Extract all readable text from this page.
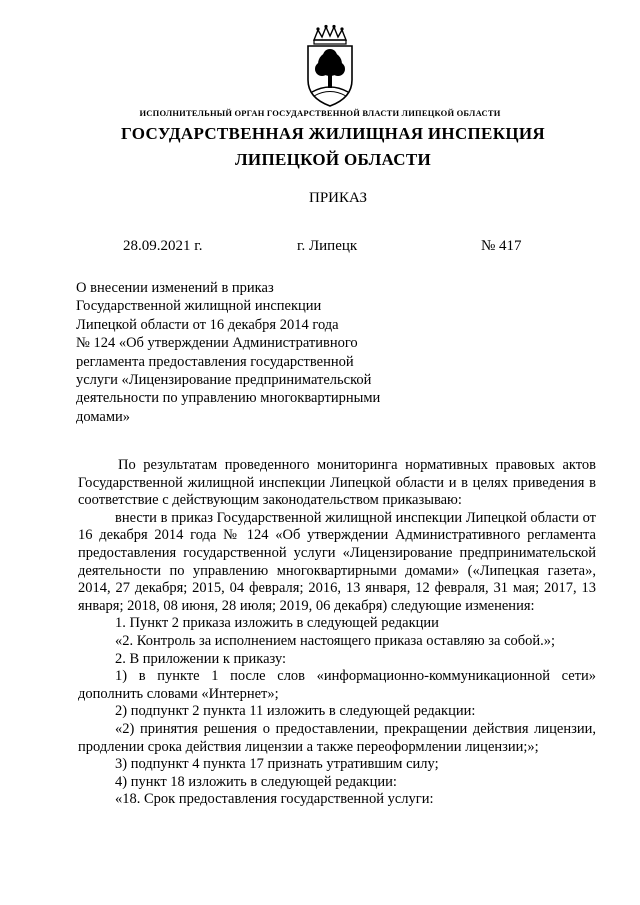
ИСПОЛНИТЕЛЬНЫЙ ОРГАН ГОСУДАРСТВЕННОЙ ВЛАСТИ ЛИПЕЦКОЙ ОБЛАСТИ
ГОСУДАРСТВЕННАЯ ЖИЛИЩНАЯ ИНСПЕКЦИЯ
ЛИПЕЦКОЙ ОБЛАСТИ
ПРИКАЗ
28.09.2021 г.	г. Липецк	№ 417
О внесении изменений в приказ
Государственной жилищной инспекции
Липецкой области от 16 декабря 2014 года
№ 124 «Об утверждении Административного
регламента предоставления государственной
услуги «Лицензирование предпринимательской
деятельности по управлению многоквартирными
домами»

По результатам проведенного мониторинга нормативных правовых актов Государственной жилищной инспекции Липецкой области и в целях приведения в соответствие с действующим законодательством приказываю:

внести в приказ Государственной жилищной инспекции Липецкой области от 16 декабря 2014 года № 124 «Об утверждении Административного регламента предоставления государственной услуги «Лицензирование предпринимательской деятельности по управлению многоквартирными домами» («Липецкая газета», 2014, 27 декабря; 2015, 04 февраля; 2016, 13 января, 12 февраля, 31 мая; 2017, 13 января; 2018, 08 июня, 28 июля; 2019, 06 декабря) следующие изменения:

1. Пункт 2 приказа изложить в следующей редакции

«2. Контроль за исполнением настоящего приказа оставляю за собой.»;

2. В приложении к приказу:

1) в пункте 1 после слов «информационно-коммуникационной сети» дополнить словами «Интернет»;

2) подпункт 2 пункта 11 изложить в следующей редакции:

«2) принятия решения о предоставлении, прекращении действия лицензии, продлении срока действия лицензии а также переоформлении лицензии;»;

3) подпункт 4 пункта 17 признать утратившим силу;

4) пункт 18 изложить в следующей редакции:

«18. Срок предоставления государственной услуги:
